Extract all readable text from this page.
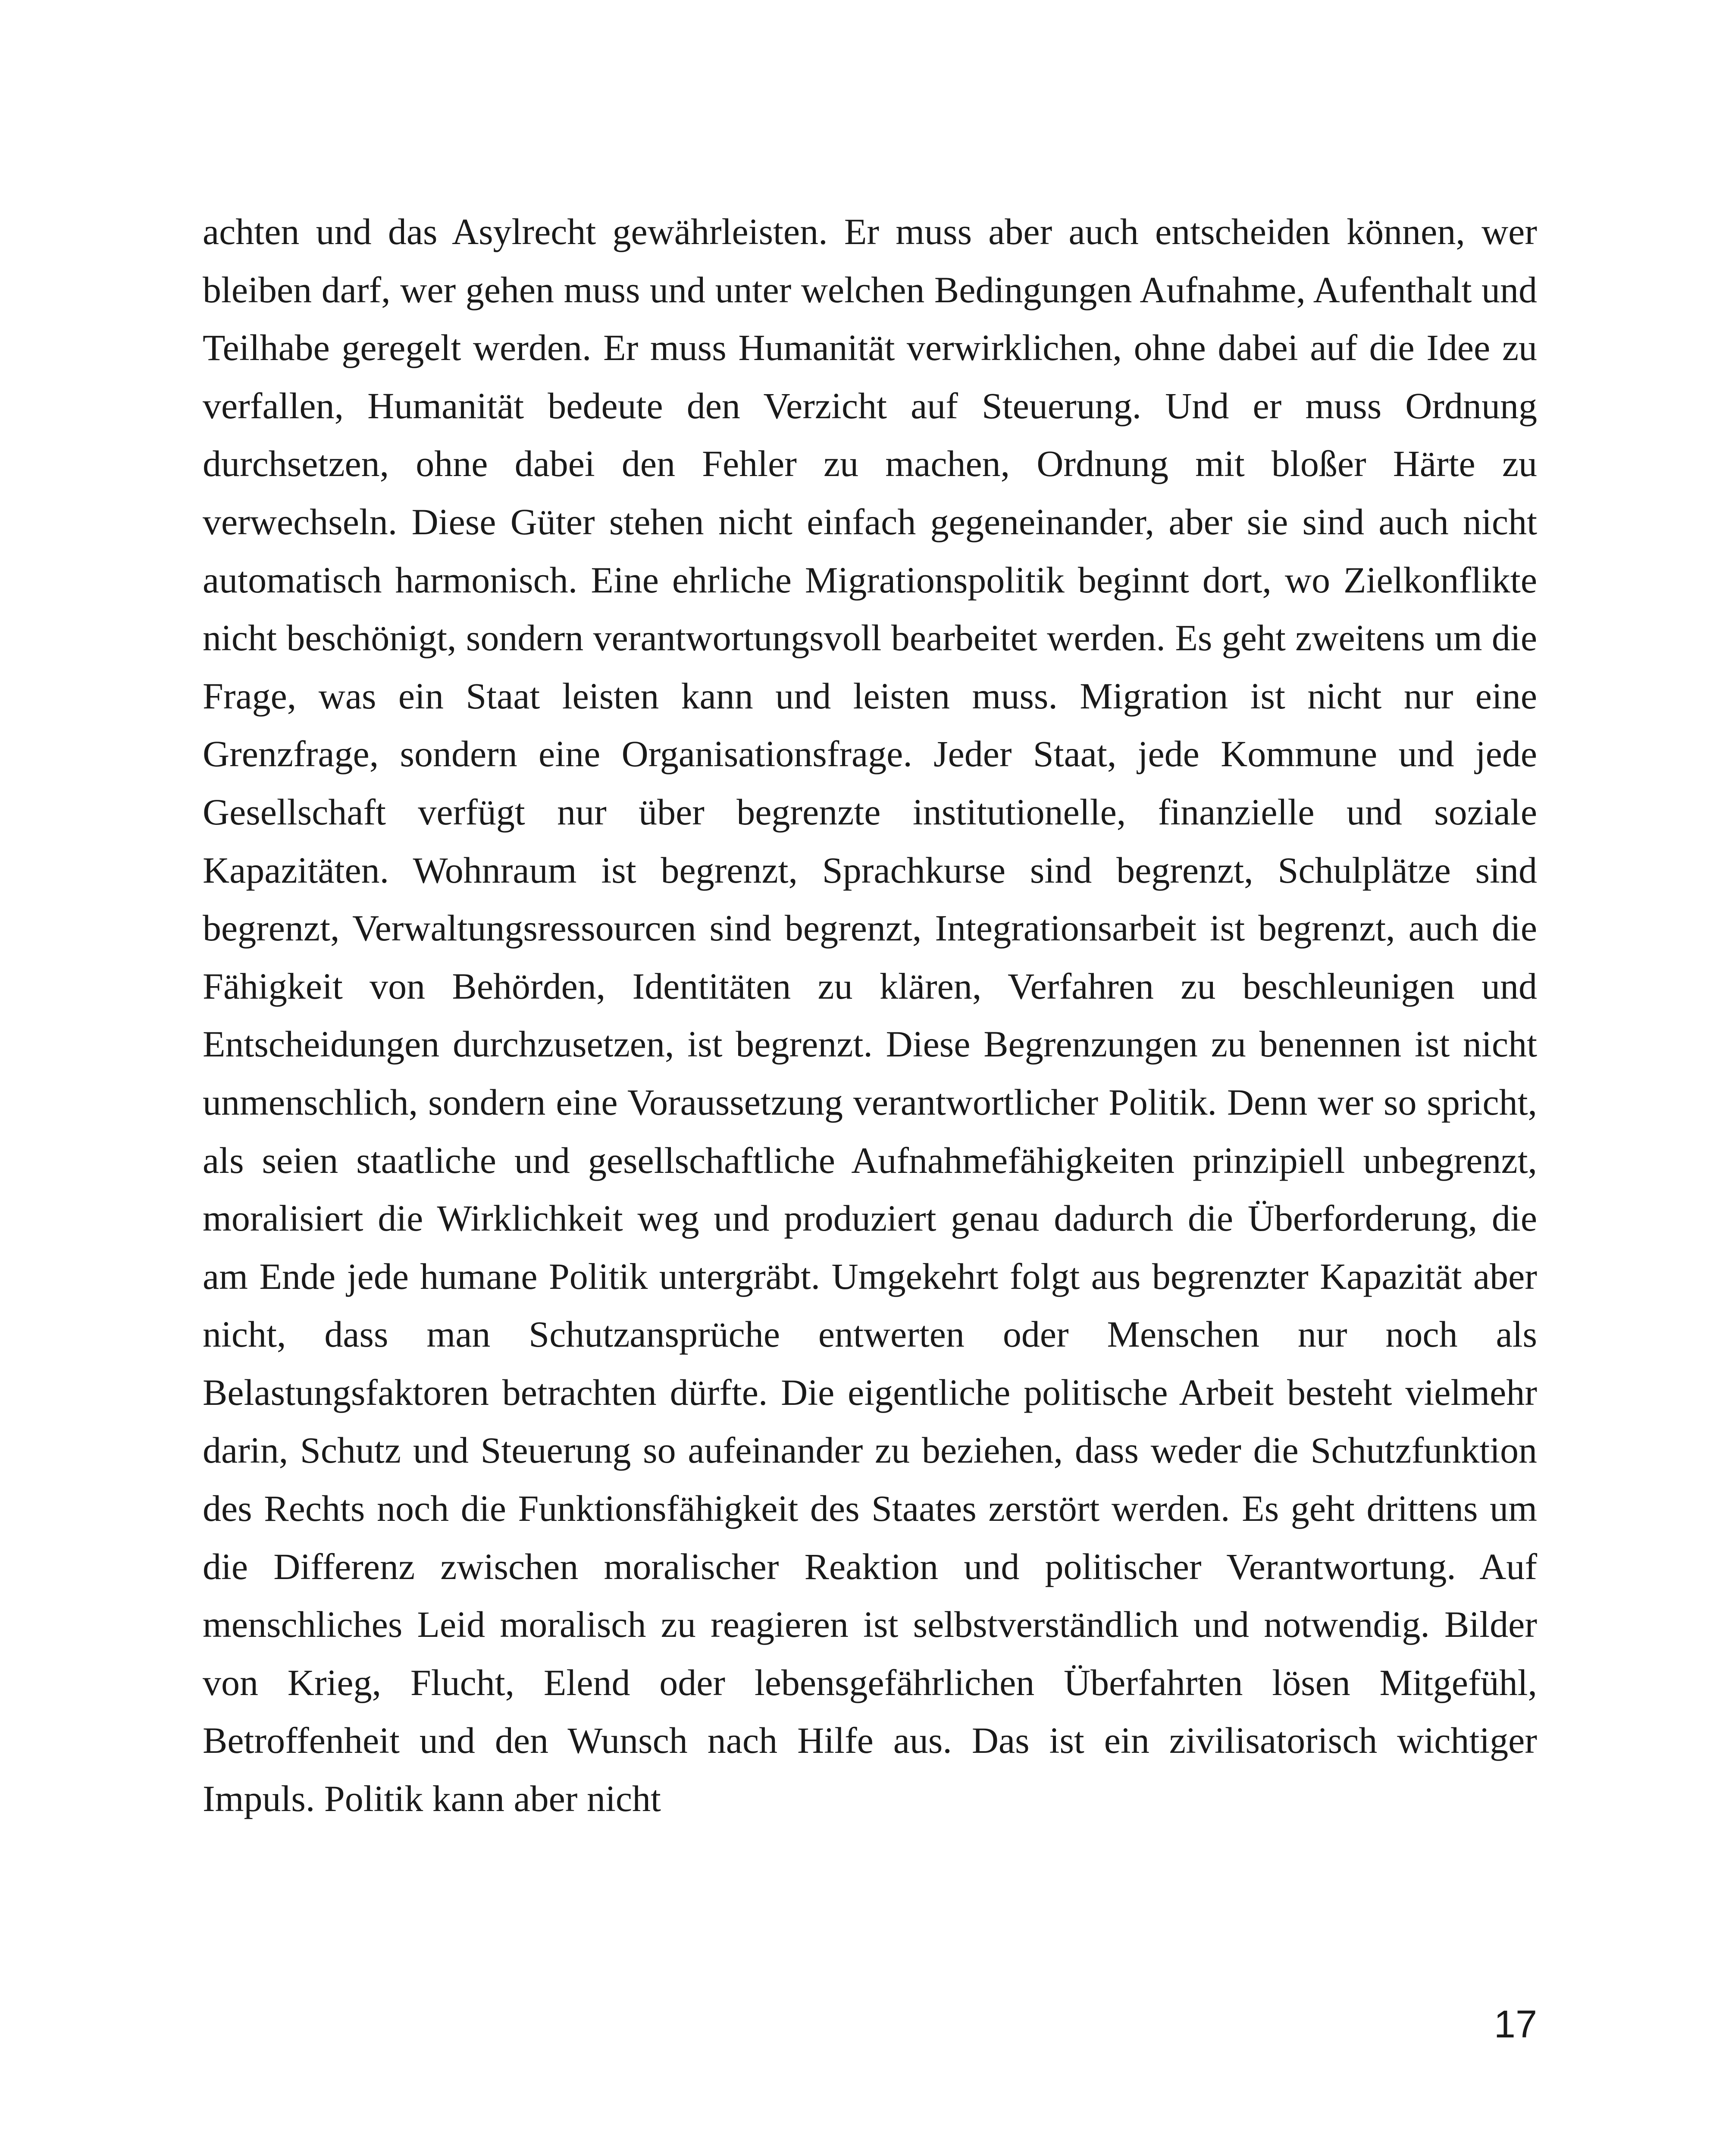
achten und das Asylrecht gewährleisten. Er muss aber auch entscheiden können, wer bleiben darf, wer gehen muss und unter welchen Bedingungen Aufnahme, Aufenthalt und Teilhabe geregelt werden. Er muss Humanität verwirklichen, ohne dabei auf die Idee zu verfallen, Humanität bedeute den Verzicht auf Steuerung. Und er muss Ordnung durchsetzen, ohne dabei den Fehler zu machen, Ordnung mit bloßer Härte zu verwechseln. Diese Güter stehen nicht einfach gegeneinander, aber sie sind auch nicht automatisch harmonisch. Eine ehrliche Migrationspolitik beginnt dort, wo Zielkonflikte nicht beschönigt, sondern verantwortungsvoll bearbeitet werden. Es geht zweitens um die Frage, was ein Staat leisten kann und leisten muss. Migration ist nicht nur eine Grenzfrage, sondern eine Organisationsfrage. Jeder Staat, jede Kommune und jede Gesellschaft verfügt nur über begrenzte institutionelle, finanzielle und soziale Kapazitäten. Wohnraum ist begrenzt, Sprachkurse sind begrenzt, Schulplätze sind begrenzt, Verwaltungsressourcen sind begrenzt, Integrationsarbeit ist begrenzt, auch die Fähigkeit von Behörden, Identitäten zu klären, Verfahren zu beschleunigen und Entscheidungen durchzusetzen, ist begrenzt. Diese Begrenzungen zu benennen ist nicht unmenschlich, sondern eine Voraussetzung verantwortlicher Politik. Denn wer so spricht, als seien staatliche und gesellschaftliche Aufnahmefähigkeiten prinzipiell unbegrenzt, moralisiert die Wirklichkeit weg und produziert genau dadurch die Überforderung, die am Ende jede humane Politik untergräbt. Umgekehrt folgt aus begrenzter Kapazität aber nicht, dass man Schutzansprüche entwerten oder Menschen nur noch als Belastungsfaktoren betrachten dürfte. Die eigentliche politische Arbeit besteht vielmehr darin, Schutz und Steuerung so aufeinander zu beziehen, dass weder die Schutzfunktion des Rechts noch die Funktionsfähigkeit des Staates zerstört werden. Es geht drittens um die Differenz zwischen moralischer Reaktion und politischer Verantwortung. Auf menschliches Leid moralisch zu reagieren ist selbstverständlich und notwendig. Bilder von Krieg, Flucht, Elend oder lebensgefährlichen Überfahrten lösen Mitgefühl, Betroffenheit und den Wunsch nach Hilfe aus. Das ist ein zivilisatorisch wichtiger Impuls. Politik kann aber nicht

17
